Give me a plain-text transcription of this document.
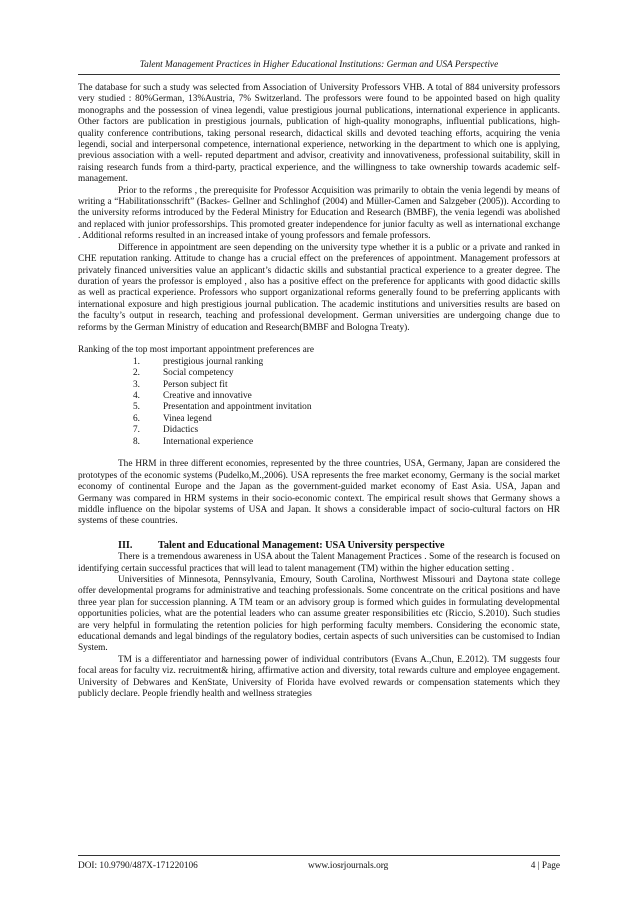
Talent Management Practices in Higher Educational Institutions: German and USA Perspective

The database for such a study was selected from Association of University Professors VHB. A total of 884 university professors very studied : 80%German, 13%Austria, 7% Switzerland. The professors were found to be appointed based on high quality monographs and the possession of vinea legendi, value prestigious journal publications, international experience in applicants. Other factors are publication in prestigious journals, publication of high-quality monographs, influential publications, high-quality conference contributions, taking personal research, didactical skills and devoted teaching efforts, acquiring the venia legendi, social and interpersonal competence, international experience, networking in the department to which one is applying, previous association with a well- reputed department and advisor, creativity and innovativeness, professional suitability, skill in raising research funds from a third-party, practical experience, and the willingness to take ownership towards academic self-management.

Prior to the reforms , the prerequisite for Professor Acquisition was primarily to obtain the venia legendi by means of writing a “Habilitationsschrift” (Backes- Gellner and Schlinghof (2004) and Müller-Camen and Salzgeber (2005)). According to the university reforms introduced by the Federal Ministry for Education and Research (BMBF), the venia legendi was abolished and replaced with junior professorships. This promoted greater independence for junior faculty as well as international exchange . Additional reforms resulted in an increased intake of young professors and female professors.

Difference in appointment are seen depending on the university type whether it is a public or a private and ranked in CHE reputation ranking. Attitude to change has a crucial effect on the preferences of appointment. Management professors at privately financed universities value an applicant’s didactic skills and substantial practical experience to a greater degree. The duration of years the professor is employed , also has a positive effect on the preference for applicants with good didactic skills as well as practical experience. Professors who support organizational reforms generally found to be preferring applicants with international exposure and high prestigious journal publication. The academic institutions and universities results are based on the faculty’s output in research, teaching and professional development. German universities are undergoing change due to reforms by the German Ministry of education and Research(BMBF and Bologna Treaty).

Ranking of the top most important appointment preferences are

1. prestigious journal ranking
2. Social competency
3. Person subject fit
4. Creative and innovative
5. Presentation and appointment invitation
6. Vinea legend
7. Didactics
8. International experience

The HRM in three different economies, represented by the three countries, USA, Germany, Japan are considered the prototypes of the economic systems (Pudelko,M.,2006). USA represents the free market economy, Germany is the social market economy of continental Europe and the Japan as the government-guided market economy of East Asia. USA, Japan and Germany was compared in HRM systems in their socio-economic context. The empirical result shows that Germany shows a middle influence on the bipolar systems of USA and Japan. It shows a considerable impact of socio-cultural factors on HR systems of these countries.

III.	Talent and Educational Management: USA University perspective

There is a tremendous awareness in USA about the Talent Management Practices . Some of the research is focused on identifying certain successful practices that will lead to talent management (TM) within the higher education setting .

Universities of Minnesota, Pennsylvania, Emoury, South Carolina, Northwest Missouri and Daytona state college offer developmental programs for administrative and teaching professionals. Some concentrate on the critical positions and have three year plan for succession planning. A TM team or an advisory group is formed which guides in formulating developmental opportunities policies, what are the potential leaders who can assume greater responsibilities etc (Riccio, S.2010). Such studies are very helpful in formulating the retention policies for high performing faculty members. Considering the economic state, educational demands and legal bindings of the regulatory bodies, certain aspects of such universities can be customised to Indian System.

TM is a differentiator and harnessing power of individual contributors (Evans A.,Chun, E.2012). TM suggests four focal areas for faculty viz. recruitment& hiring, affirmative action and diversity, total rewards culture and employee engagement. University of Debwares and KenState, University of Florida have evolved rewards or compensation statements which they publicly declare. People friendly health and wellness strategies

DOI: 10.9790/487X-171220106	www.iosrjournals.org	4 | Page
